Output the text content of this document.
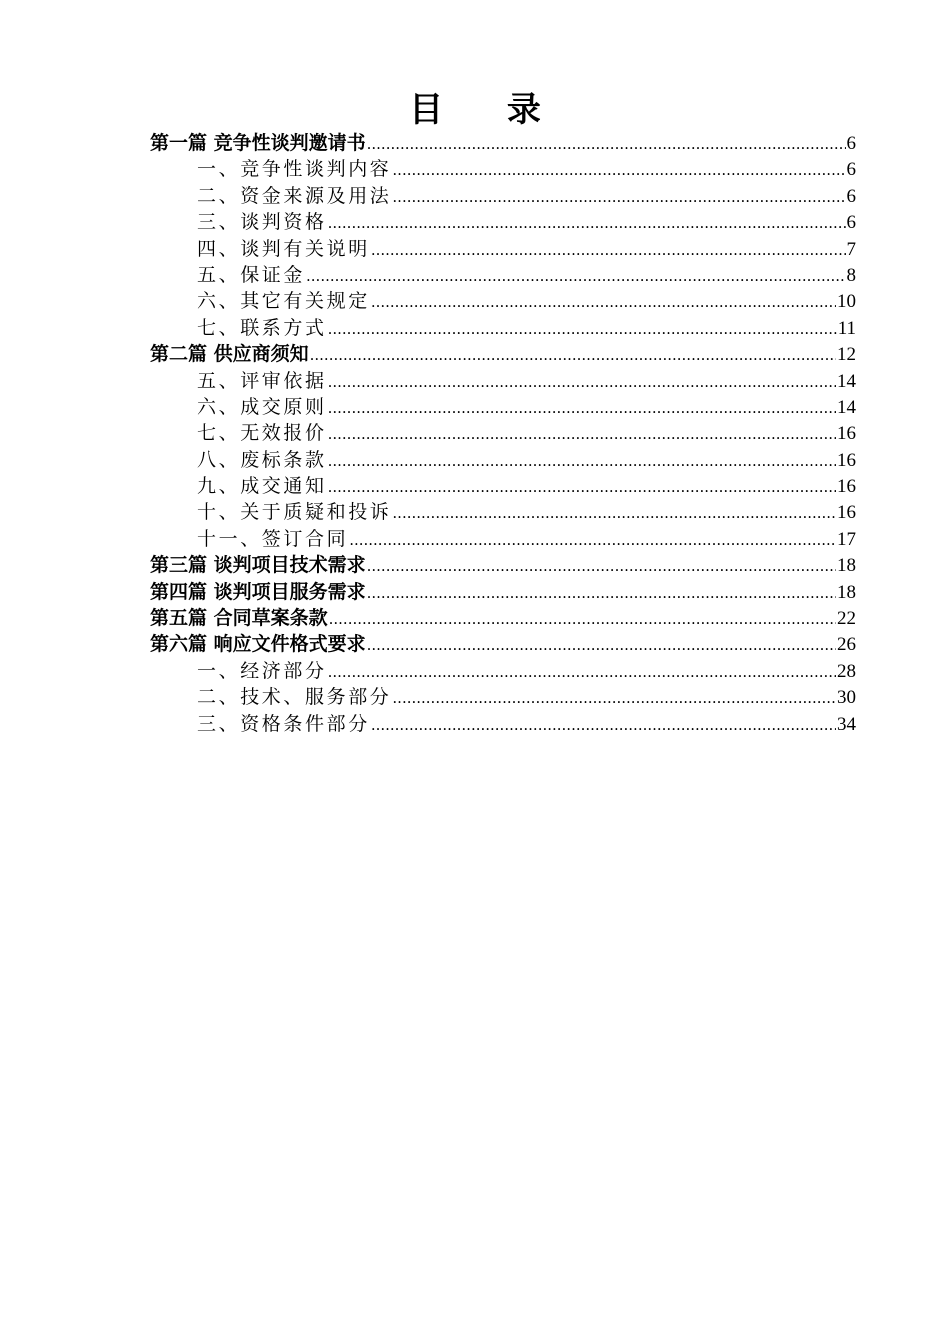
目 录
第一篇 竞争性谈判邀请书 .....	6
一、竞争性谈判内容 .....	6
二、资金来源及用法 .....	6
三、谈判资格 .....	6
四、谈判有关说明 .....	7
五、保证金 .....	8
六、其它有关规定 .....	10
七、联系方式 .....	11
第二篇 供应商须知 .....	12
五、评审依据 .....	14
六、成交原则 .....	14
七、无效报价 .....	16
八、废标条款 .....	16
九、成交通知 .....	16
十、关于质疑和投诉 .....	16
十一、签订合同 .....	17
第三篇 谈判项目技术需求 .....	18
第四篇 谈判项目服务需求 .....	18
第五篇 合同草案条款 .....	22
第六篇 响应文件格式要求 .....	26
一、经济部分 .....	28
二、技术、服务部分 .....	30
三、资格条件部分 .....	34
